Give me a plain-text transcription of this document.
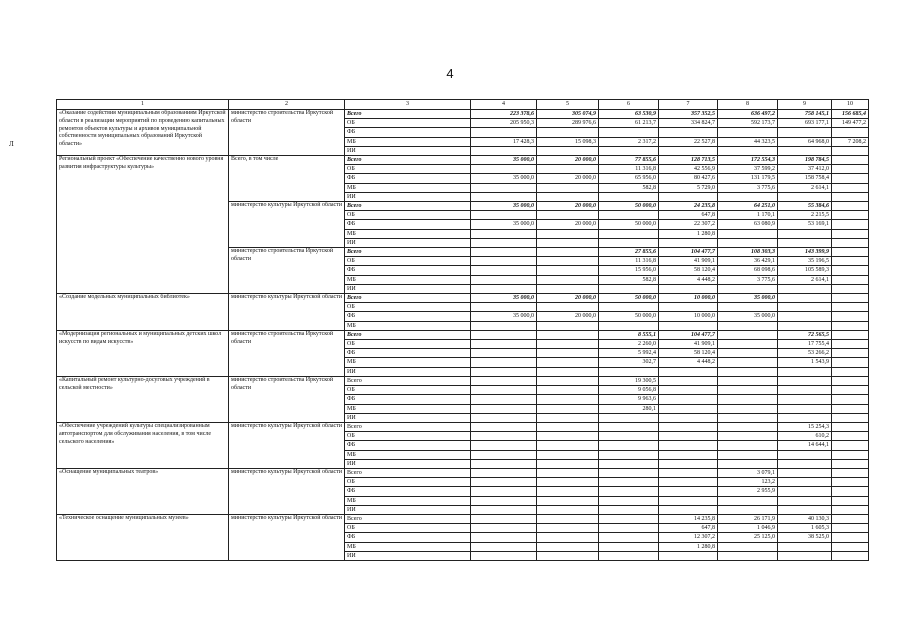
4
Л
1	2	3	4	5	6	7	8	9	10
«Оказание содействия муниципальным образованиям Иркутской области в реализации мероприятий по проведению капитальных ремонтов объектов культуры и архивов муниципальной собственности муниципальных образований Иркутской области»	министерство строительства Иркутской области	Всего	223 378,6	305 074,9	63 530,9	357 352,5	636 497,2	758 145,1	156 685,4
		ОБ	205 950,3	289 976,6	61 213,7	334 824,7	592 173,7	693 177,1	149 477,2
		ФБ							
		МБ	17 428,3	15 098,3	2 317,2	22 527,8	44 323,5	64 968,0	7 208,2
		ИИ							
Региональный проект «Обеспечение качественно нового уровня развития инфраструктуры культуры»	Всего, в том числе	Всего	35 000,0	20 000,0	77 855,6	128 713,5	172 554,3	198 784,5	
		ОБ			11 316,8	42 556,9	37 599,2	37 412,0	
		ФБ	35 000,0	20 000,0	65 956,0	80 427,6	131 179,5	158 758,4	
		МБ			582,8	5 729,0	3 775,6	2 614,1	
		ИИ							
	министерство культуры Иркутской области	Всего	35 000,0	20 000,0	50 000,0	24 235,8	64 251,0	55 384,6	
		ОБ				647,8	1 170,1	2 215,5	
		ФБ	35 000,0	20 000,0	50 000,0	22 307,2	63 080,9	53 169,1	
		МБ				1 280,8			
		ИИ							
	министерство строительства Иркутской области	Всего			27 855,6	104 477,7	108 303,3	143 399,9	
		ОБ			11 316,8	41 909,1	36 429,1	35 196,5	
		ФБ			15 956,0	58 120,4	68 098,6	105 589,3	
		МБ			582,8	4 448,2	3 775,6	2 614,1	
		ИИ							
«Создание модельных муниципальных библиотек»	министерство культуры Иркутской области	Всего	35 000,0	20 000,0	50 000,0	10 000,0	35 000,0		
		ОБ							
		ФБ	35 000,0	20 000,0	50 000,0	10 000,0	35 000,0		
		МБ							
«Модернизация региональных и муниципальных детских школ искусств по видам искусств»	министерство строительства Иркутской области	Всего			8 555,1	104 477,7		72 565,5	
		ОБ			2 260,0	41 909,1		17 755,4	
		ФБ			5 992,4	58 120,4		53 266,2	
		МБ			302,7	4 448,2		1 543,9	
		ИИ							
«Капитальный ремонт культурно-досуговых учреждений в сельской местности»	министерство строительства Иркутской области	Всего			19 300,5				
		ОБ			9 056,8				
		ФБ			9 963,6				
		МБ			280,1				
		ИИ							
«Обеспечение учреждений культуры специализированным автотранспортом для обслуживания населения, в том числе сельского населения»	министерство культуры Иркутской области	Всего						15 254,3	
		ОБ						610,2	
		ФБ						14 644,1	
		МБ							
		ИИ							
«Оснащение муниципальных театров»	министерство культуры Иркутской области	Всего					3 079,1		
		ОБ					123,2		
		ФБ					2 955,9		
		МБ							
		ИИ							
«Техническое оснащение муниципальных музеев»	министерство культуры Иркутской области	Всего				14 235,8	26 171,9	40 130,3	
		ОБ				647,8	1 046,9	1 605,3	
		ФБ				12 307,2	25 125,0	38 525,0	
		МБ				1 280,8			
		ИИ							
